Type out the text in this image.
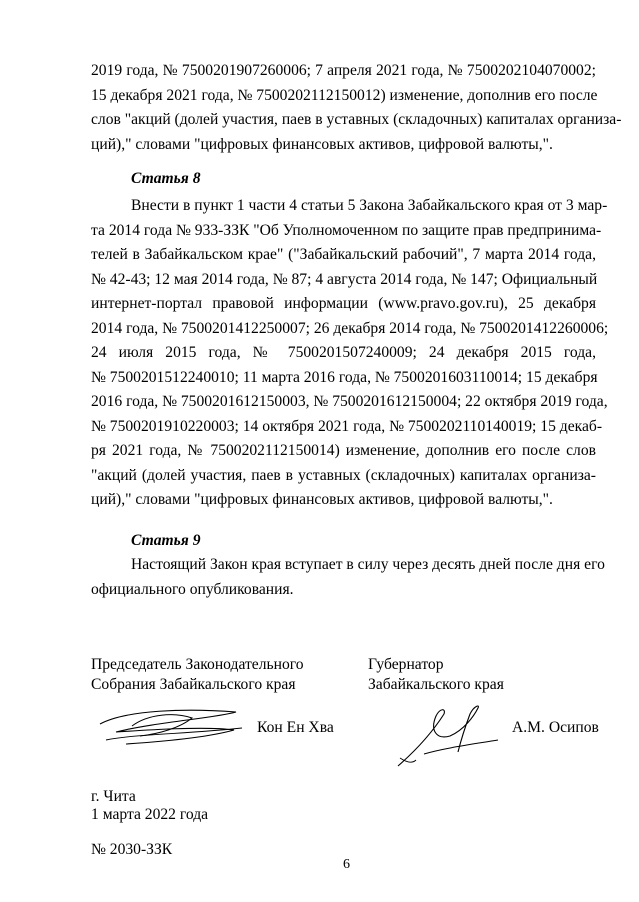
2019 года, № 7500201907260006; 7 апреля 2021 года, № 7500202104070002;
15 декабря 2021 года, № 7500202112150012) изменение, дополнив его после
слов "акций (долей участия, паев в уставных (складочных) капиталах организа-
ций)," словами "цифровых финансовых активов, цифровой валюты,".
Статья 8
Внести в пункт 1 части 4 статьи 5 Закона Забайкальского края от 3 мар-
та 2014 года № 933-ЗЗК "Об Уполномоченном по защите прав предпринима-
телей в Забайкальском крае" ("Забайкальский рабочий", 7 марта 2014 года,
№ 42-43; 12 мая 2014 года, № 87; 4 августа 2014 года, № 147; Официальный
интернет-портал правовой информации (www.pravo.gov.ru), 25 декабря
2014 года, № 7500201412250007; 26 декабря 2014 года, № 7500201412260006;
24 июля 2015 года, № 7500201507240009; 24 декабря 2015 года,
№ 7500201512240010; 11 марта 2016 года, № 7500201603110014; 15 декабря
2016 года, № 7500201612150003, № 7500201612150004; 22 октября 2019 года,
№ 7500201910220003; 14 октября 2021 года, № 7500202110140019; 15 декаб-
ря 2021 года, № 7500202112150014) изменение, дополнив его после слов
"акций (долей участия, паев в уставных (складочных) капиталах организа-
ций)," словами "цифровых финансовых активов, цифровой валюты,".
Статья 9
Настоящий Закон края вступает в силу через десять дней после дня его
официального опубликования.
Председатель Законодательного
Собрания Забайкальского края
Губернатор
Забайкальского края
Кон Ен Хва	А.М. Осипов
г. Чита
1 марта 2022 года
№ 2030-ЗЗК
6
